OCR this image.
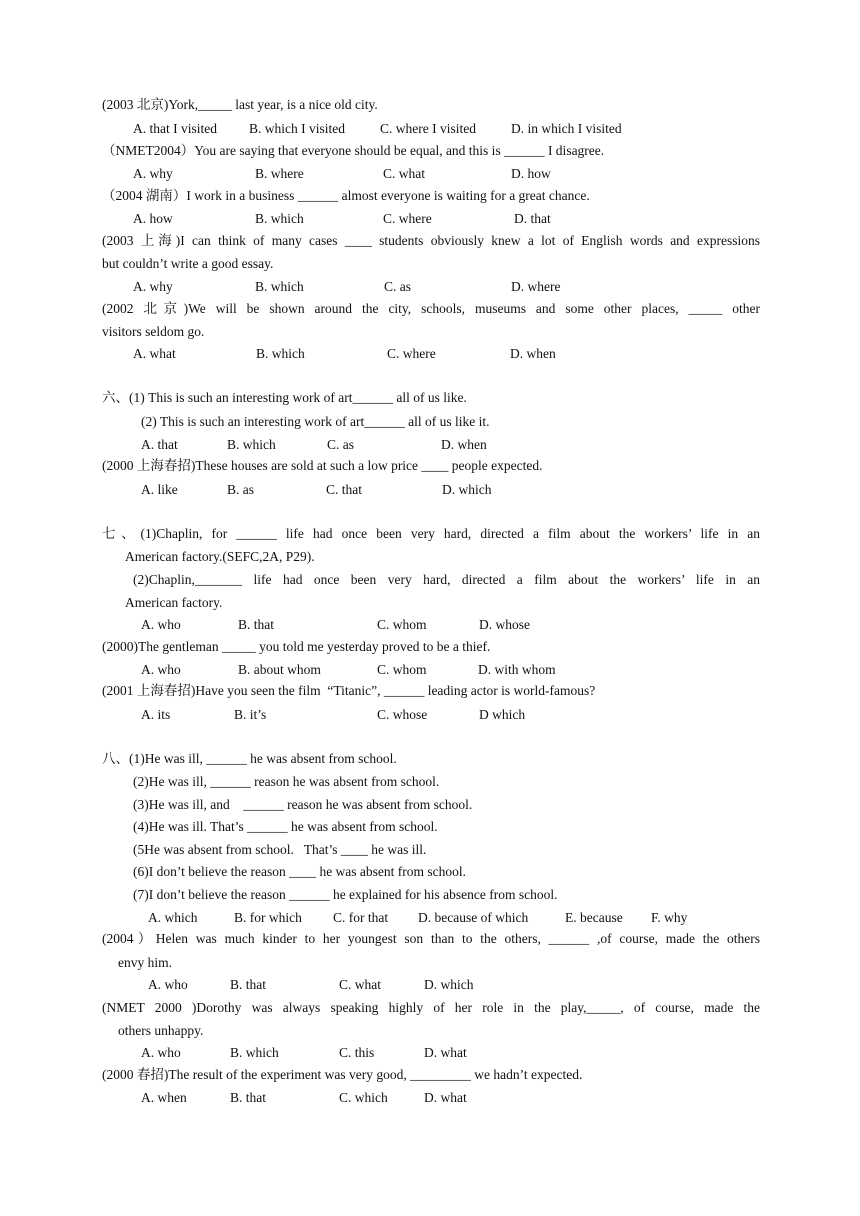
(2003 北京)York,_____ last year, is a nice old city.
A. that I visited B. which I visited	C. where I visited	D. in which I visited
（NMET2004）You are saying that everyone should be equal, and this is ______ I disagree.
A. why	B. where	C. what	D. how
（2004 湖南）I work in a business ______ almost everyone is waiting for a great chance.
A. how	B. which	C. where	D. that
(2003 上海)I can think of many cases ____ students obviously knew a lot of English words and expressions
but couldn’t write a good essay.
A. why	B. which	C. as	D. where
(2002 北京)We will be shown around the city, schools, museums and some other places, _____ other
visitors seldom go.
A. what	B. which	C. where	D. when
六、(1) This is such an interesting work of art______ all of us like.
(2) This is such an interesting work of art______ all of us like it.
A. that	B. which	C. as	D. when
(2000 上海春招)These houses are sold at such a low price ____ people expected.
A. like	B. as	C. that	D. which
七、(1)Chaplin, for ______ life had once been very hard, directed a film about the workers’ life in an
American factory.(SEFC,2A, P29).
(2)Chaplin,_______ life had once been very hard, directed a film about the workers’ life in an
American factory.
A. who	B. that	C. whom	D. whose
(2000)The gentleman _____ you told me yesterday proved to be a thief.
A. who	B. about whom	C. whom	D. with whom
(2001 上海春招)Have you seen the film  “Titanic”, ______ leading actor is world-famous?
A. its	B. it’s	C. whose	D which
八、(1)He was ill, ______ he was absent from school.
(2)He was ill, ______ reason he was absent from school.
(3)He was ill, and    ______ reason he was absent from school.
(4)He was ill. That’s ______ he was absent from school.
(5He was absent from school.   That’s ____ he was ill.
(6)I don’t believe the reason ____ he was absent from school.
(7)I don’t believe the reason ______ he explained for his absence from school.
A. which	B. for which C. for that D. because of which	E. because F. why
(2004）Helen was much kinder to her youngest son than to the others, ______ ,of course, made the others
envy him.
A. who	B. that	C. what	D. which
(NMET 2000 )Dorothy was always speaking highly of her role in the play,_____, of course, made the
others unhappy.
A. who	B. which	C. this	D. what
(2000 春招)The result of the experiment was very good, _________ we hadn’t expected.
A. when	B. that	C. which	D. what
